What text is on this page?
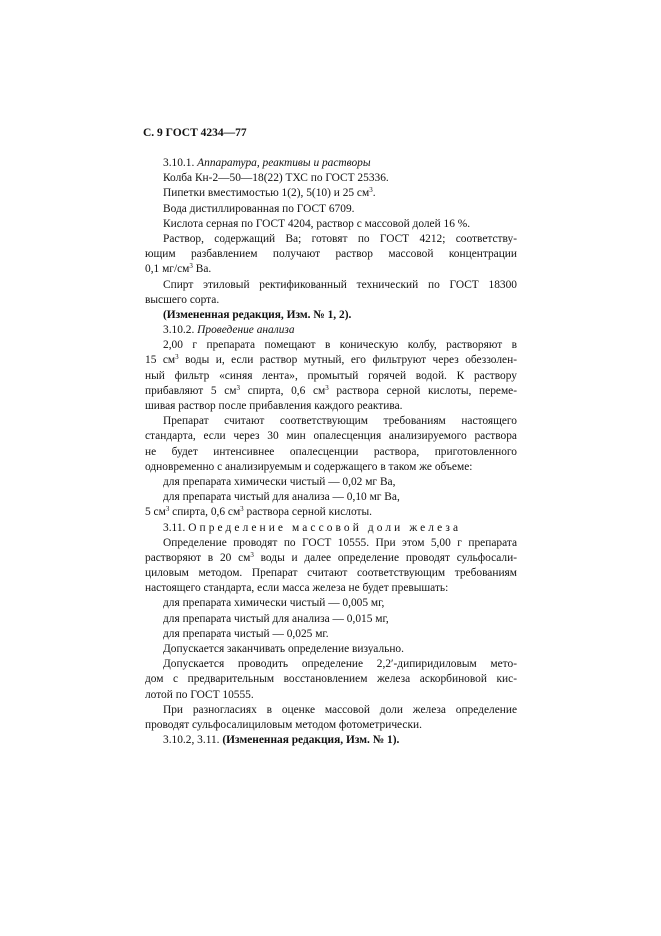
С. 9 ГОСТ 4234—77
3.10.1. Аппаратура, реактивы и растворы
Колба Кн-2—50—18(22) ТХС по ГОСТ 25336.
Пипетки вместимостью 1(2), 5(10) и 25 $см^3$.
Вода дистиллированная по ГОСТ 6709.
Кислота серная по ГОСТ 4204, раствор с массовой долей 16 %.
Раствор, содержащий Ва; готовят по ГОСТ 4212; соответству-
ющим разбавлением получают раствор массовой концентрации
0,1 $мг/см^3$ Ва.
Спирт этиловый ректификованный технический по ГОСТ 18300
высшего сорта.
(Измененная редакция, Изм. № 1, 2).
3.10.2. Проведение анализа
2,00 г препарата помещают в коническую колбу, растворяют в
15 $см^3$ воды и, если раствор мутный, его фильтруют через обеззолен-
ный фильтр «синяя лента», промытый горячей водой. К раствору
прибавляют 5 $см^3$ спирта, 0,6 $см^3$ раствора серной кислоты, переме-
шивая раствор после прибавления каждого реактива.
Препарат считают соответствующим требованиям настоящего
стандарта, если через 30 мин опалесценция анализируемого раствора
не будет интенсивнее опалесценции раствора, приготовленного
одновременно с анализируемым и содержащего в таком же объеме:
для препарата химически чистый — 0,02 мг Ва,
для препарата чистый для анализа — 0,10 мг Ва,
5 $см^3$ спирта, 0,6 $см^3$ раствора серной кислоты.
3.11. Определение массовой доли железа
Определение проводят по ГОСТ 10555. При этом 5,00 г препарата
растворяют в 20 $см^3$ воды и далее определение проводят сульфосали-
циловым методом. Препарат считают соответствующим требованиям
настоящего стандарта, если масса железа не будет превышать:
для препарата химически чистый — 0,005 мг,
для препарата чистый для анализа — 0,015 мг,
для препарата чистый — 0,025 мг.
Допускается заканчивать определение визуально.
Допускается проводить определение 2,2′-дипиридиловым мето-
дом с предварительным восстановлением железа аскорбиновой кис-
лотой по ГОСТ 10555.
При разногласиях в оценке массовой доли железа определение
проводят сульфосалициловым методом фотометрически.
3.10.2, 3.11. (Измененная редакция, Изм. № 1).
